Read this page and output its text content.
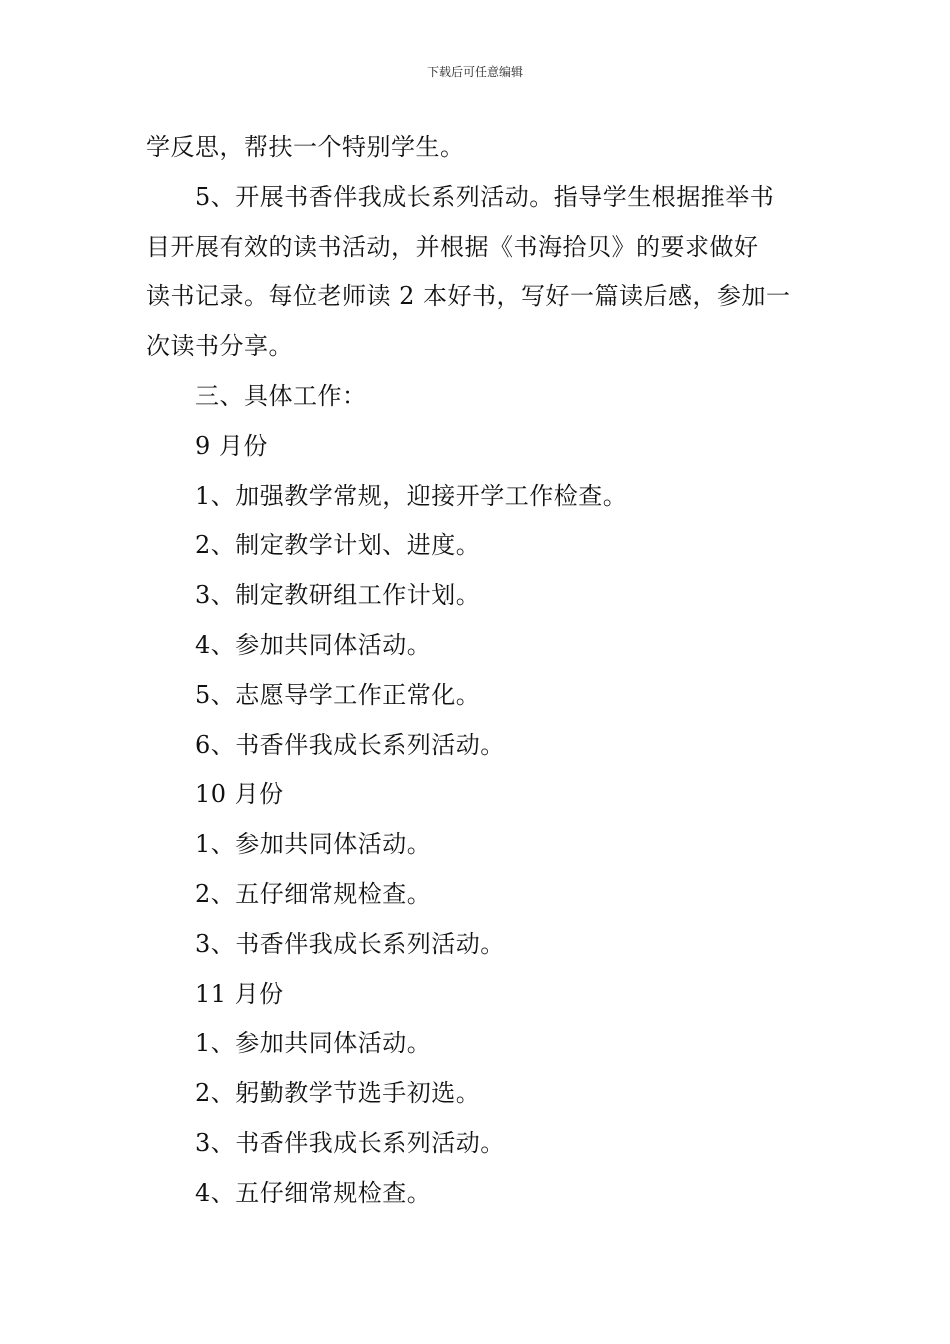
下载后可任意编辑

学反思，帮扶一个特别学生。

5、开展书香伴我成长系列活动。指导学生根据推举书

目开展有效的读书活动，并根据《书海拾贝》的要求做好

读书记录。每位老师读 2 本好书，写好一篇读后感，参加一

次读书分享。

三、具体工作：

9 月份

1、加强教学常规，迎接开学工作检查。

2、制定教学计划、进度。

3、制定教研组工作计划。

4、参加共同体活动。

5、志愿导学工作正常化。

6、书香伴我成长系列活动。

10 月份

1、参加共同体活动。

2、五仔细常规检查。

3、书香伴我成长系列活动。

11 月份

1、参加共同体活动。

2、躬勤教学节选手初选。

3、书香伴我成长系列活动。

4、五仔细常规检查。
